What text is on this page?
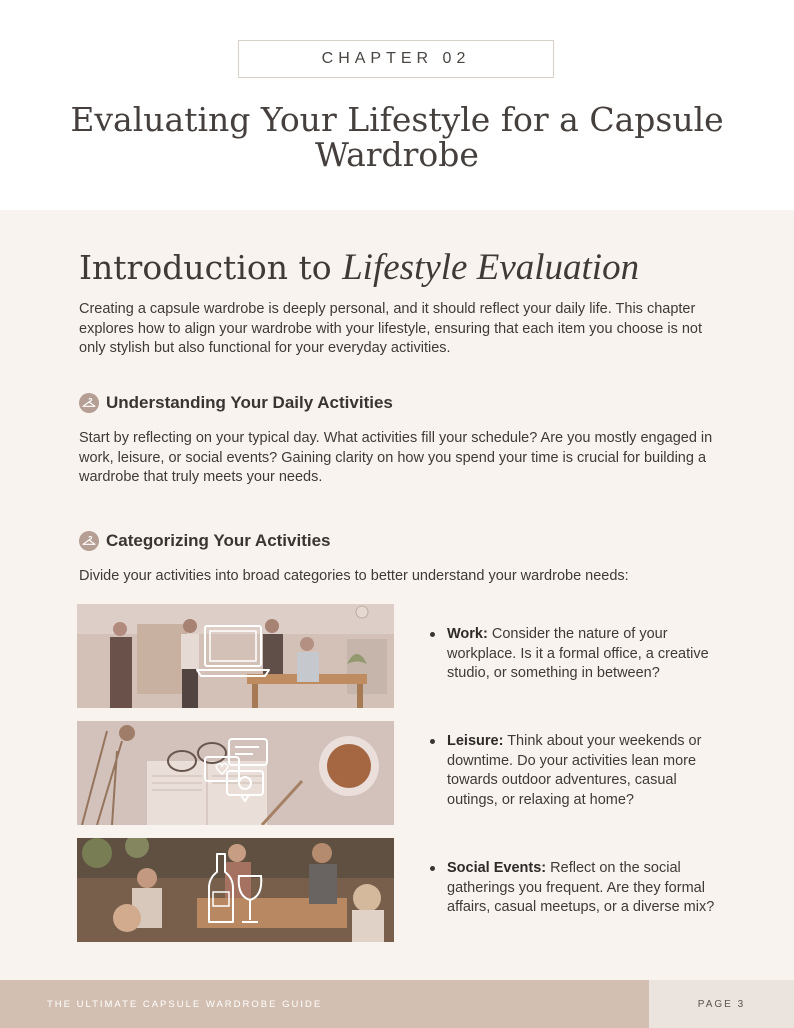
CHAPTER 02
Evaluating Your Lifestyle for a Capsule Wardrobe
Introduction to Lifestyle Evaluation

Creating a capsule wardrobe is deeply personal, and it should reflect your daily life. This chapter explores how to align your wardrobe with your lifestyle, ensuring that each item you choose is not only stylish but also functional for your everyday activities.

Understanding Your Daily Activities

Start by reflecting on your typical day. What activities fill your schedule? Are you mostly engaged in work, leisure, or social events? Gaining clarity on how you spend your time is crucial for building a wardrobe that truly meets your needs.

Categorizing Your Activities

Divide your activities into broad categories to better understand your wardrobe needs:

Work: Consider the nature of your workplace. Is it a formal office, a creative studio, or something in between?
Leisure: Think about your weekends or downtime. Do your activities lean more towards outdoor adventures, casual outings, or relaxing at home?
Social Events: Reflect on the social gatherings you frequent. Are they formal affairs, casual meetups, or a diverse mix?
THE ULTIMATE CAPSULE WARDROBE GUIDE	PAGE 3
